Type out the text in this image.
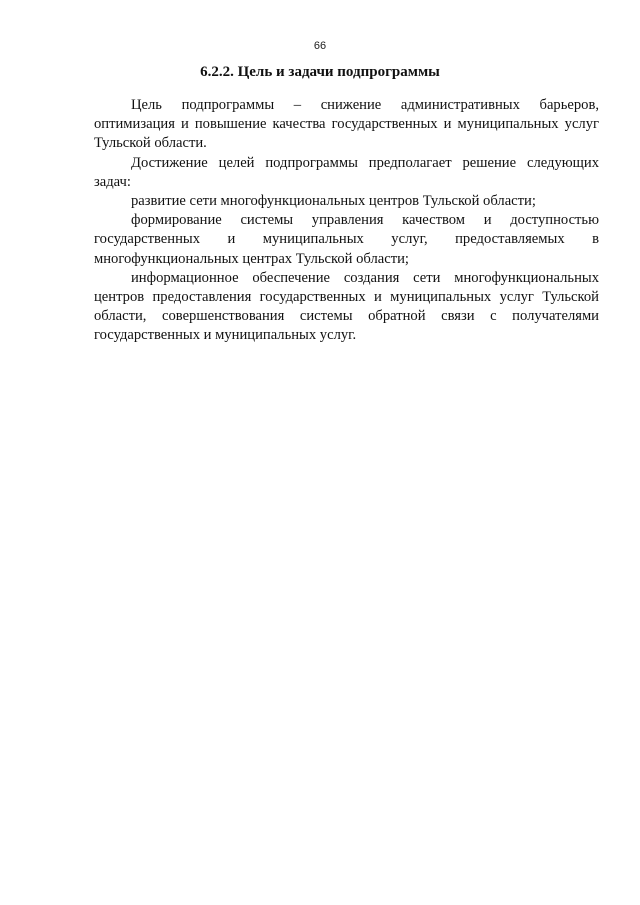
66
6.2.2. Цель и задачи подпрограммы

Цель подпрограммы – снижение административных барьеров, оптимизация и повышение качества государственных и муниципальных услуг Тульской области.

Достижение целей подпрограммы предполагает решение следующих задач:

развитие сети многофункциональных центров Тульской области;

формирование системы управления качеством и доступностью государственных и муниципальных услуг, предоставляемых в многофункциональных центрах Тульской области;

информационное обеспечение создания сети многофункциональных центров предоставления государственных и муниципальных услуг Тульской области, совершенствования системы обратной связи с получателями государственных и муниципальных услуг.
